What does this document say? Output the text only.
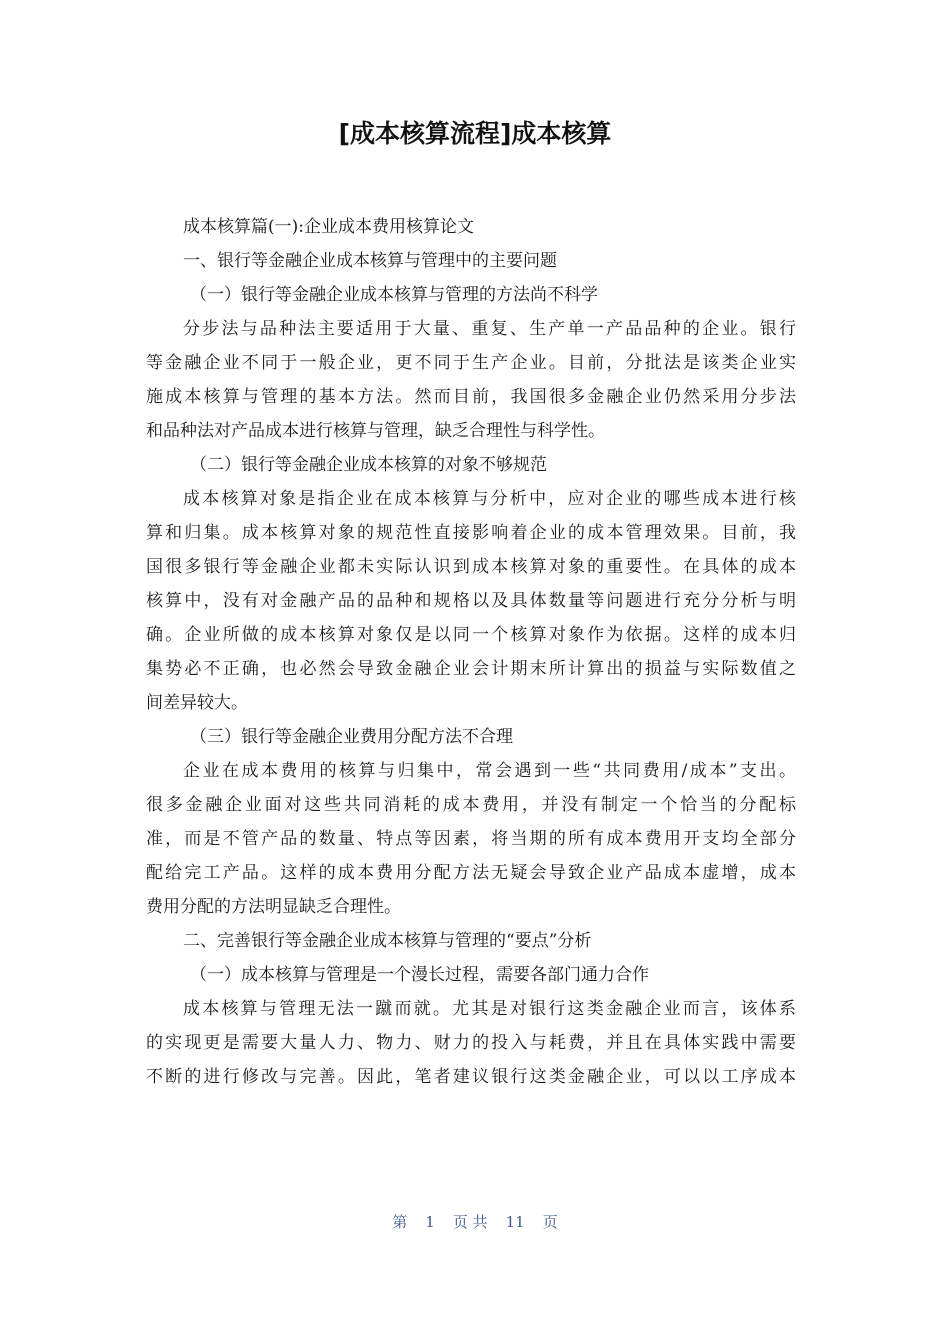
[成本核算流程]成本核算

成本核算篇(一):企业成本费用核算论文

一、银行等金融企业成本核算与管理中的主要问题

（一）银行等金融企业成本核算与管理的方法尚不科学

分步法与品种法主要适用于大量、重复、生产单一产品品种的企业。银行

等金融企业不同于一般企业，更不同于生产企业。目前，分批法是该类企业实

施成本核算与管理的基本方法。然而目前，我国很多金融企业仍然采用分步法

和品种法对产品成本进行核算与管理，缺乏合理性与科学性。

（二）银行等金融企业成本核算的对象不够规范

成本核算对象是指企业在成本核算与分析中，应对企业的哪些成本进行核

算和归集。成本核算对象的规范性直接影响着企业的成本管理效果。目前，我

国很多银行等金融企业都未实际认识到成本核算对象的重要性。在具体的成本

核算中，没有对金融产品的品种和规格以及具体数量等问题进行充分分析与明

确。企业所做的成本核算对象仅是以同一个核算对象作为依据。这样的成本归

集势必不正确，也必然会导致金融企业会计期末所计算出的损益与实际数值之

间差异较大。

（三）银行等金融企业费用分配方法不合理

企业在成本费用的核算与归集中，常会遇到一些“共同费用/成本”支出。

很多金融企业面对这些共同消耗的成本费用，并没有制定一个恰当的分配标

准，而是不管产品的数量、特点等因素，将当期的所有成本费用开支均全部分

配给完工产品。这样的成本费用分配方法无疑会导致企业产品成本虚增，成本

费用分配的方法明显缺乏合理性。

二、完善银行等金融企业成本核算与管理的“要点”分析

（一）成本核算与管理是一个漫长过程，需要各部门通力合作

成本核算与管理无法一蹴而就。尤其是对银行这类金融企业而言，该体系

的实现更是需要大量人力、物力、财力的投入与耗费，并且在具体实践中需要

不断的进行修改与完善。因此，笔者建议银行这类金融企业，可以以工序成本

第 1 页 共 11 页
